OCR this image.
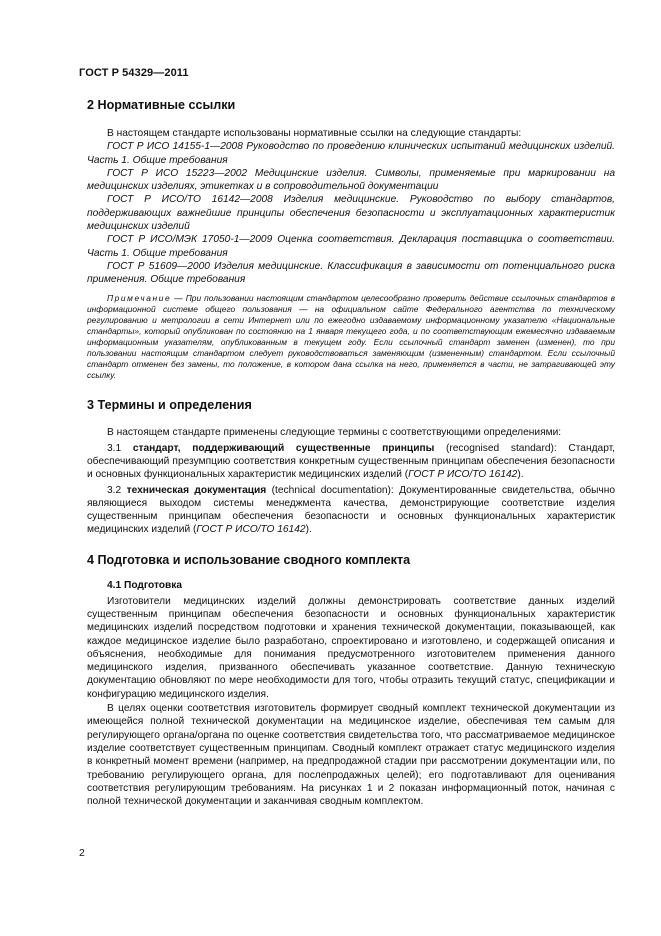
ГОСТ Р 54329—2011
2 Нормативные ссылки

В настоящем стандарте использованы нормативные ссылки на следующие стандарты:

ГОСТ Р ИСО 14155-1—2008 Руководство по проведению клинических испытаний медицинских изделий. Часть 1. Общие требования

ГОСТ Р ИСО 15223—2002 Медицинские изделия. Символы, применяемые при маркировании на медицинских изделиях, этикетках и в сопроводительной документации

ГОСТ Р ИСО/ТО 16142—2008 Изделия медицинские. Руководство по выбору стандартов, поддерживающих важнейшие принципы обеспечения безопасности и эксплуатационных характеристик медицинских изделий

ГОСТ Р ИСО/МЭК 17050-1—2009 Оценка соответствия. Декларация поставщика о соответствии. Часть 1. Общие требования

ГОСТ Р 51609—2000 Изделия медицинские. Классификация в зависимости от потенциального риска применения. Общие требования

Примечание — При пользовании настоящим стандартом целесообразно проверить действие ссылочных стандартов в информационной системе общего пользования — на официальном сайте Федерального агентства по техническому регулированию и метрологии в сети Интернет или по ежегодно издаваемому информационному указателю «Национальные стандарты», который опубликован по состоянию на 1 января текущего года, и по соответствующим ежемесячно издаваемым информационным указателям, опубликованным в текущем году. Если ссылочный стандарт заменен (изменен), то при пользовании настоящим стандартом следует руководствоваться заменяющим (измененным) стандартом. Если ссылочный стандарт отменен без замены, то положение, в котором дана ссылка на него, применяется в части, не затрагивающей эту ссылку.

3 Термины и определения

В настоящем стандарте применены следующие термины с соответствующими определениями:

3.1 стандарт, поддерживающий существенные принципы (recognised standard): Стандарт, обеспечивающий презумпцию соответствия конкретным существенным принципам обеспечения безопасности и основных функциональных характеристик медицинских изделий (ГОСТ Р ИСО/ТО 16142).

3.2 техническая документация (technical documentation): Документированные свидетельства, обычно являющиеся выходом системы менеджмента качества, демонстрирующие соответствие изделия существенным принципам обеспечения безопасности и основных функциональных характеристик медицинских изделий (ГОСТ Р ИСО/ТО 16142).

4 Подготовка и использование сводного комплекта
4.1 Подготовка

Изготовители медицинских изделий должны демонстрировать соответствие данных изделий существенным принципам обеспечения безопасности и основных функциональных характеристик медицинских изделий посредством подготовки и хранения технической документации, показывающей, как каждое медицинское изделие было разработано, спроектировано и изготовлено, и содержащей описания и объяснения, необходимые для понимания предусмотренного изготовителем применения данного медицинского изделия, призванного обеспечивать указанное соответствие. Данную техническую документацию обновляют по мере необходимости для того, чтобы отразить текущий статус, спецификации и конфигурацию медицинского изделия.

В целях оценки соответствия изготовитель формирует сводный комплект технической документации из имеющейся полной технической документации на медицинское изделие, обеспечивая тем самым для регулирующего органа/органа по оценке соответствия свидетельства того, что рассматриваемое медицинское изделие соответствует существенным принципам. Сводный комплект отражает статус медицинского изделия в конкретный момент времени (например, на предпродажной стадии при рассмотрении документации или, по требованию регулирующего органа, для послепродажных целей); его подготавливают для оценивания соответствия регулирующим требованиям. На рисунках 1 и 2 показан информационный поток, начиная с полной технической документации и заканчивая сводным комплектом.

2
